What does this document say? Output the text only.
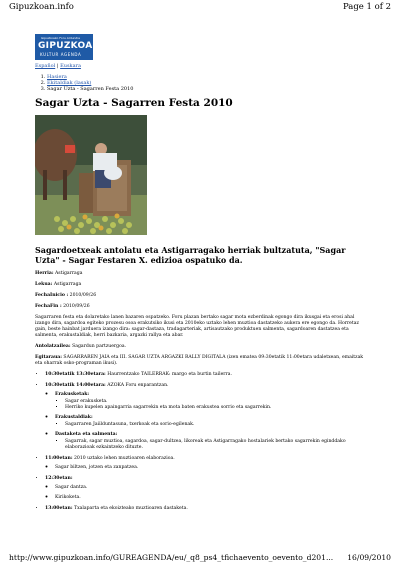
Gipuzkoan.info	Page 1 of 2
Gipuzkoako Foru Aldundia
GIPUZKOA
KULTUR AGENDA
Español | Euskara
1. Hasiera
2. Ekitaldiak (lasak)
3. Sagar Uzta - Sagarren Festa 2010
Sagar Uzta - Sagarren Festa 2010
Sagardoetxeak antolatu eta Astigarragako herriak bultzatuta, "Sagar Uzta" - Sagar Festaren X. edizioa ospatuko da.

Herria: Astigarraga

Lekua: Astigarraga

FechaInicio : 2010/09/26

FechaFin : 2010/09/26

Sagarraren festa eta dolaretako lanen bazaren ospatzeko. Foru plazan bertako sagar mota ezberdinak egongo dira ikusgai eta erosi ahal izango dira, sagardoa egiteko prozesu osoa erakutsiko ikusi eta 2010eko uztako lehen muztioa dastatzeko aukera ere egongo da. Horretaz gain, beste hainbat jarduera izango dira: sagar-dastaza, tradagarteriak, artisautzako produktuen salmenta, sagardoaren dastatzea eta salmenta, erakustaldiak, herri bazkaria, argazki rallya eta abar.

Antolatzailea: Sagardun partzuergoa.

Egitaraua: SAGARRAREN JAIA eta III. SAGAR UZTA ARGAZKI RALLY DIGITALA (izen ematea 09:30etatik 11:00etara udaletxean, emaitzak eta oharrak osko-programan ikusi).

• 10:30etatik 13:30etara: Haurrentzako TAILERRAK: margo eta burtin tailerra.
• 10:30etatik 14:00etara: AZOKA Foru enparantzan.
◦ Erakusketak:
▪ Sagar erakusketa.
▪ Herriko kupelen apaingarria sagarrekin eta mota baten erakustea sorrio eta sagarrekin.
◦ Erakustaldiak:
▪ Sagarraren Jaiilduntasuna, txerkoak eta sorio-egilenak.
◦ Dastaketa eta salmenta:
▪ Sagarrak, sagar muztioa, sagardoa, sagar-dultzea, likoreak eta Astigarragako hostalariek bertako sagarrekin eginddako elaborazioak ezkaintzeko dituzte.
• 11:00etan: 2010 uztako lehen muztioaren elaborazioa.
◦ Sagar biltzen, jotzen eta zanpatzea.
• 12:30etan:
◦ Sagar dantza.
◦ Kirikoketa.
• 13:00etan: Txalaparta eta ekoizteako muztioaren dastaketa.
http://www.gipuzkoan.info/GUREAGENDA/eu/_q8_ps4_tfichaevento_oevento_d201... 16/09/2010
